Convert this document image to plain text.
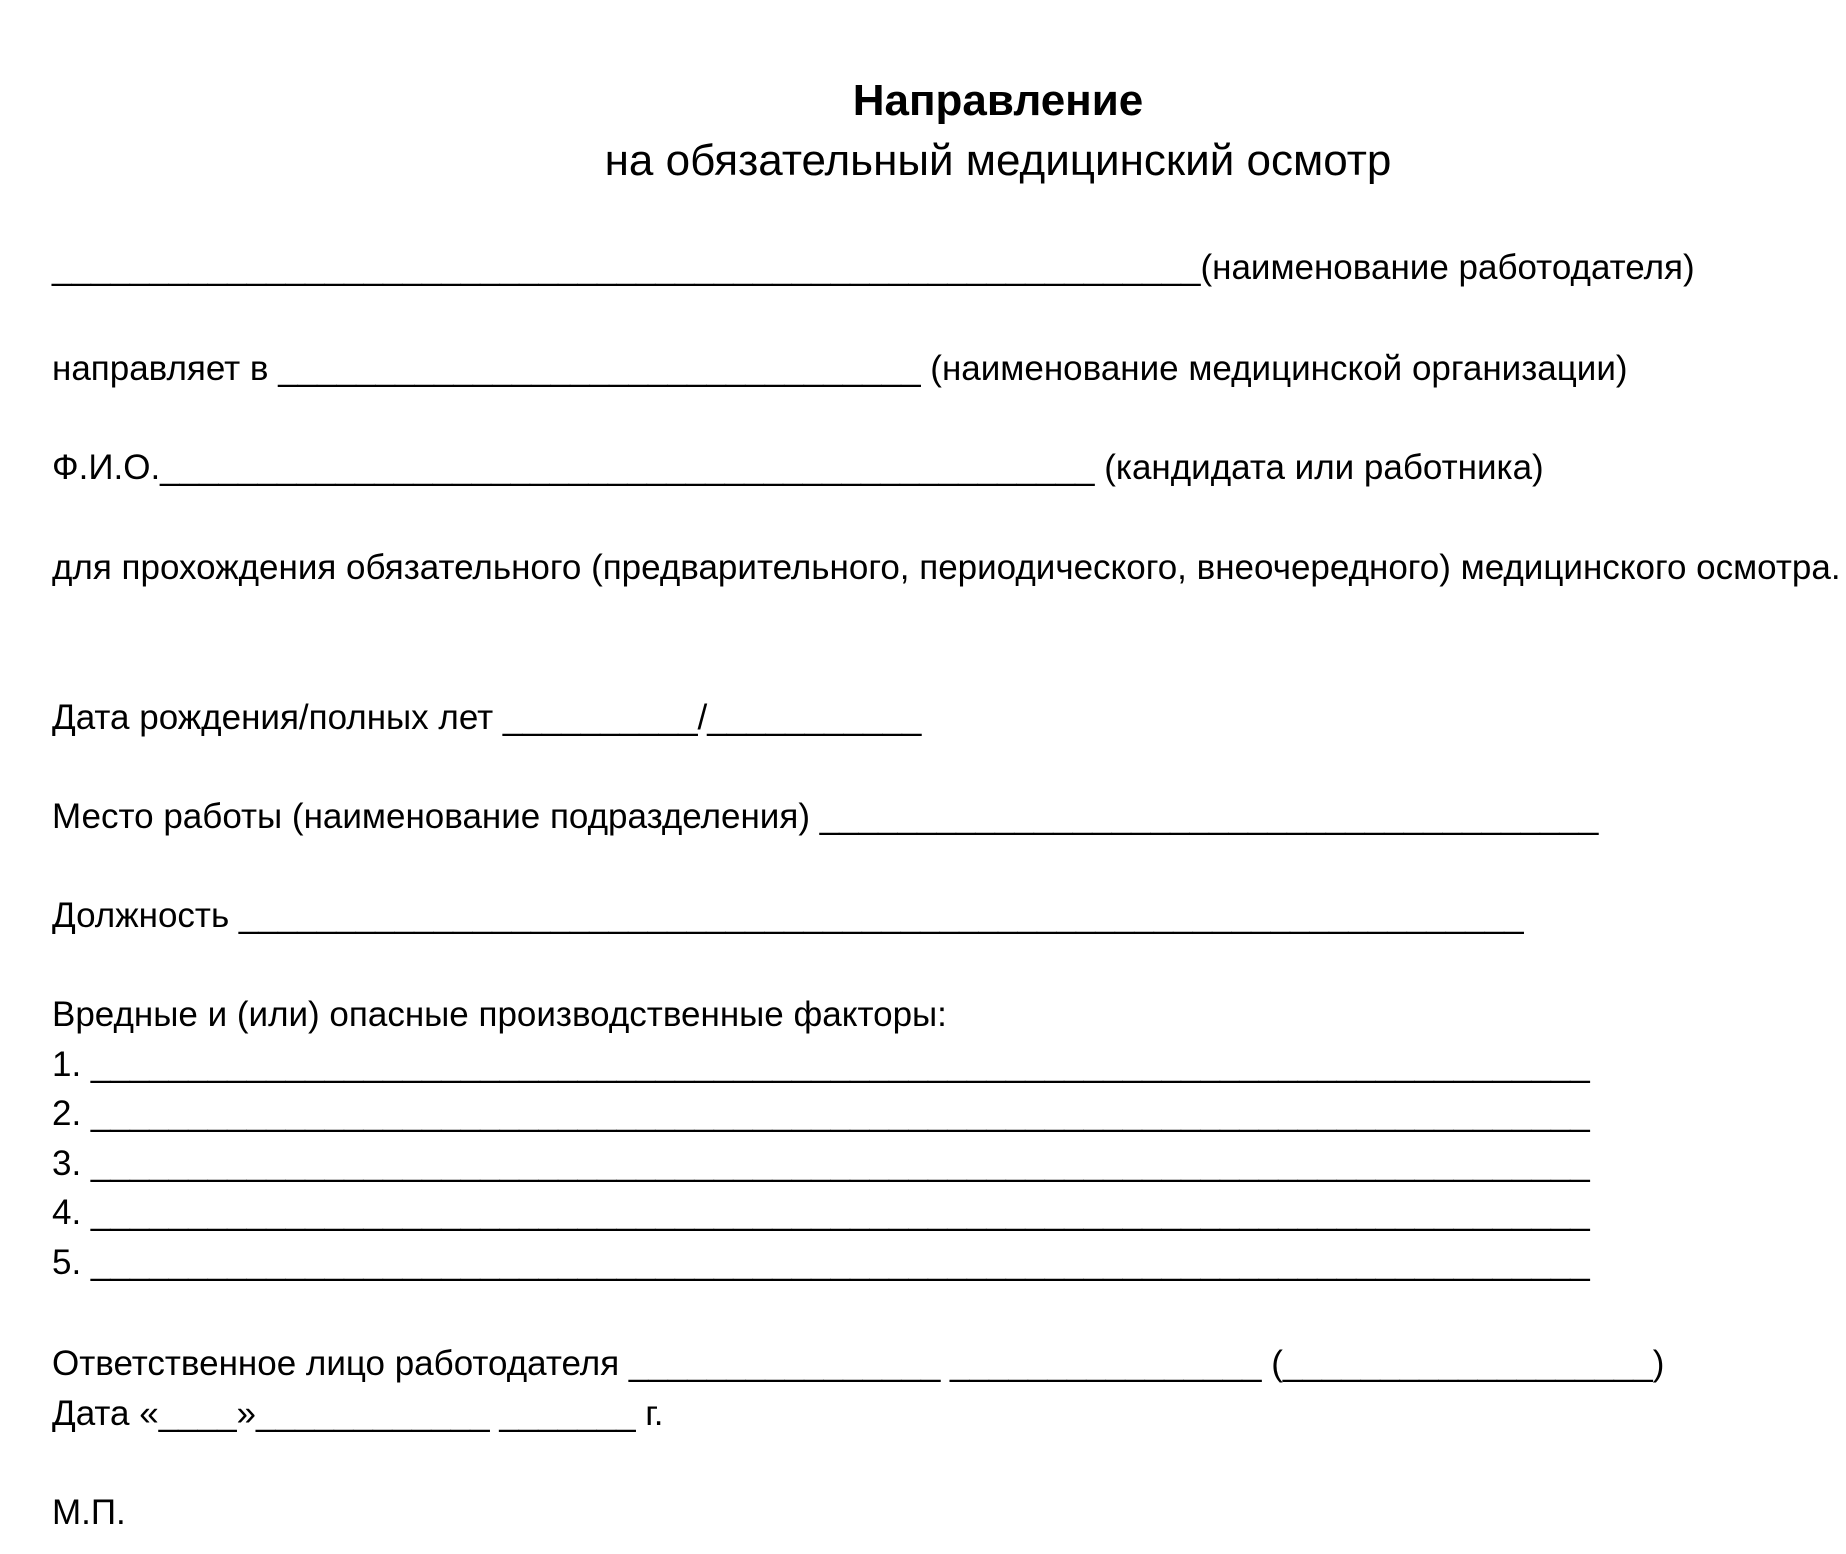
Направление
на обязательный медицинский осмотр
___________________________________________________________(наименование работодателя)
направляет в _________________________________ (наименование медицинской организации)
Ф.И.О.________________________________________________ (кандидата или работника)
для прохождения обязательного (предварительного, периодического, внеочередного) медицинского осмотра.
Дата рождения/полных лет __________/___________
Место работы (наименование подразделения) ________________________________________
Должность __________________________________________________________________
Вредные и (или) опасные производственные факторы:
1. _____________________________________________________________________________
2. _____________________________________________________________________________
3. _____________________________________________________________________________
4. _____________________________________________________________________________
5. _____________________________________________________________________________
Ответственное лицо работодателя ________________ ________________ (___________________)
Дата «____»____________ _______ г.
М.П.
